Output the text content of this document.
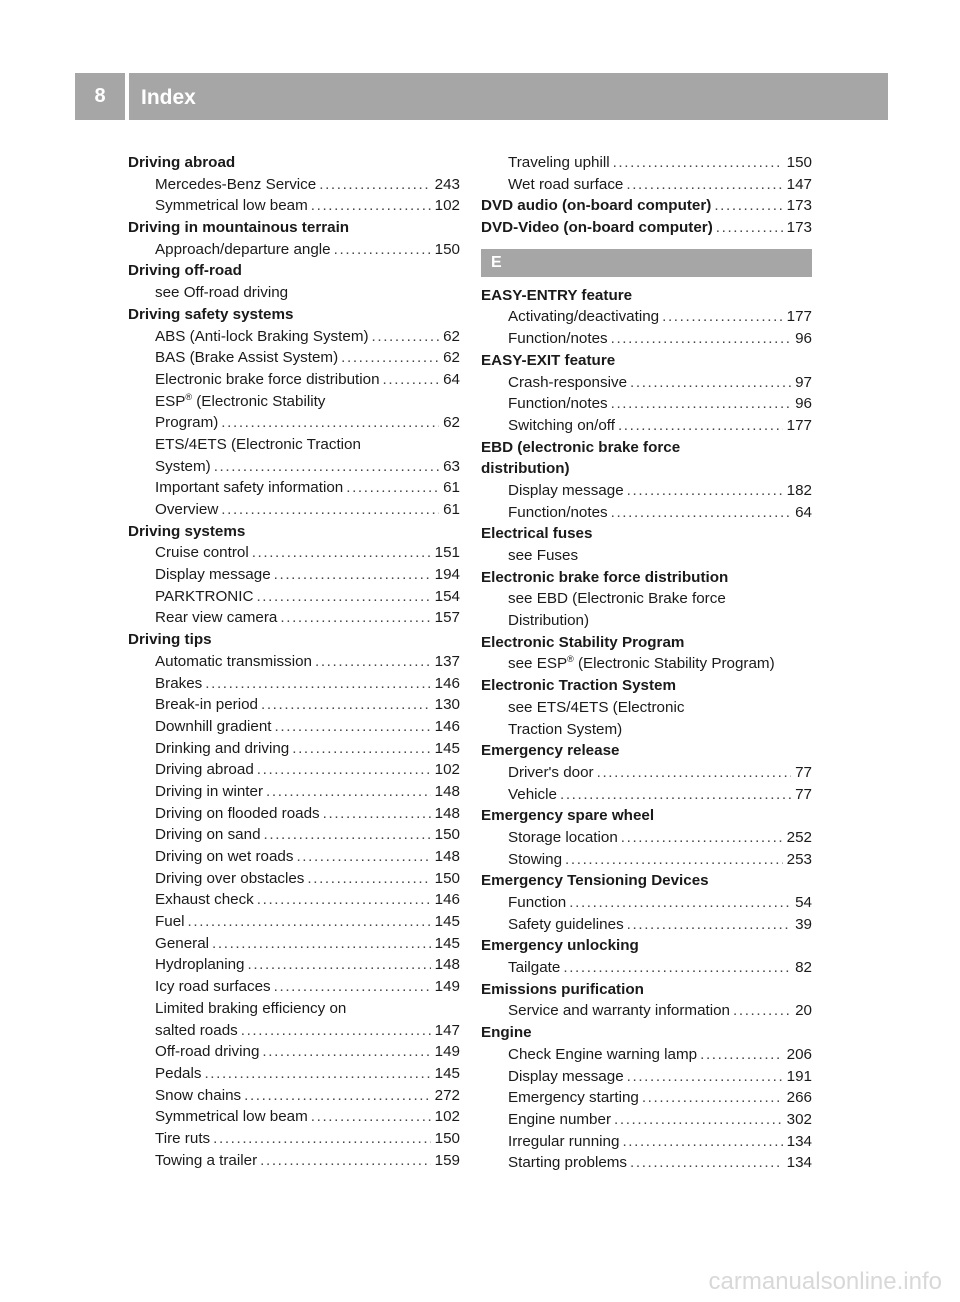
8	Index
Driving abroad
Mercedes-Benz Service . . .	243
Symmetrical low beam . . .	102
Driving in mountainous terrain
Approach/departure angle . . .	150
Driving off-road
see Off-road driving
Driving safety systems
ABS (Anti-lock Braking System) . . .	62
BAS (Brake Assist System) . . .	62
Electronic brake force distribution . . .	64
ESP® (Electronic Stability
Program) . . .	62
ETS/4ETS (Electronic Traction
System) . . .	63
Important safety information . . .	61
Overview . . .	61
Driving systems
Cruise control . . .	151
Display message . . .	194
PARKTRONIC . . .	154
Rear view camera . . .	157
Driving tips
Automatic transmission . . .	137
Brakes . . .	146
Break-in period . . .	130
Downhill gradient . . .	146
Drinking and driving . . .	145
Driving abroad . . .	102
Driving in winter . . .	148
Driving on flooded roads . . .	148
Driving on sand . . .	150
Driving on wet roads . . .	148
Driving over obstacles . . .	150
Exhaust check . . .	146
Fuel . . .	145
General . . .	145
Hydroplaning . . .	148
Icy road surfaces . . .	149
Limited braking efficiency on
salted roads . . .	147
Off-road driving . . .	149
Pedals . . .	145
Snow chains . . .	272
Symmetrical low beam . . .	102
Tire ruts . . .	150
Towing a trailer . . .	159
Traveling uphill . . .	150
Wet road surface . . .	147
DVD audio (on-board computer) . . .	173
DVD-Video (on-board computer) . . .	173
E
EASY-ENTRY feature
Activating/deactivating . . .	177
Function/notes . . .	96
EASY-EXIT feature
Crash-responsive . . .	97
Function/notes . . .	96
Switching on/off . . .	177
EBD (electronic brake force
distribution)
Display message . . .	182
Function/notes . . .	64
Electrical fuses
see Fuses
Electronic brake force distribution
see EBD (Electronic Brake force
Distribution)
Electronic Stability Program
see ESP® (Electronic Stability Program)
Electronic Traction System
see ETS/4ETS (Electronic
Traction System)
Emergency release
Driver's door . . .	77
Vehicle . . .	77
Emergency spare wheel
Storage location . . .	252
Stowing . . .	253
Emergency Tensioning Devices
Function . . .	54
Safety guidelines . . .	39
Emergency unlocking
Tailgate . . .	82
Emissions purification
Service and warranty information . . .	20
Engine
Check Engine warning lamp . . .	206
Display message . . .	191
Emergency starting . . .	266
Engine number . . .	302
Irregular running . . .	134
Starting problems . . .	134
carmanualsonline.info
